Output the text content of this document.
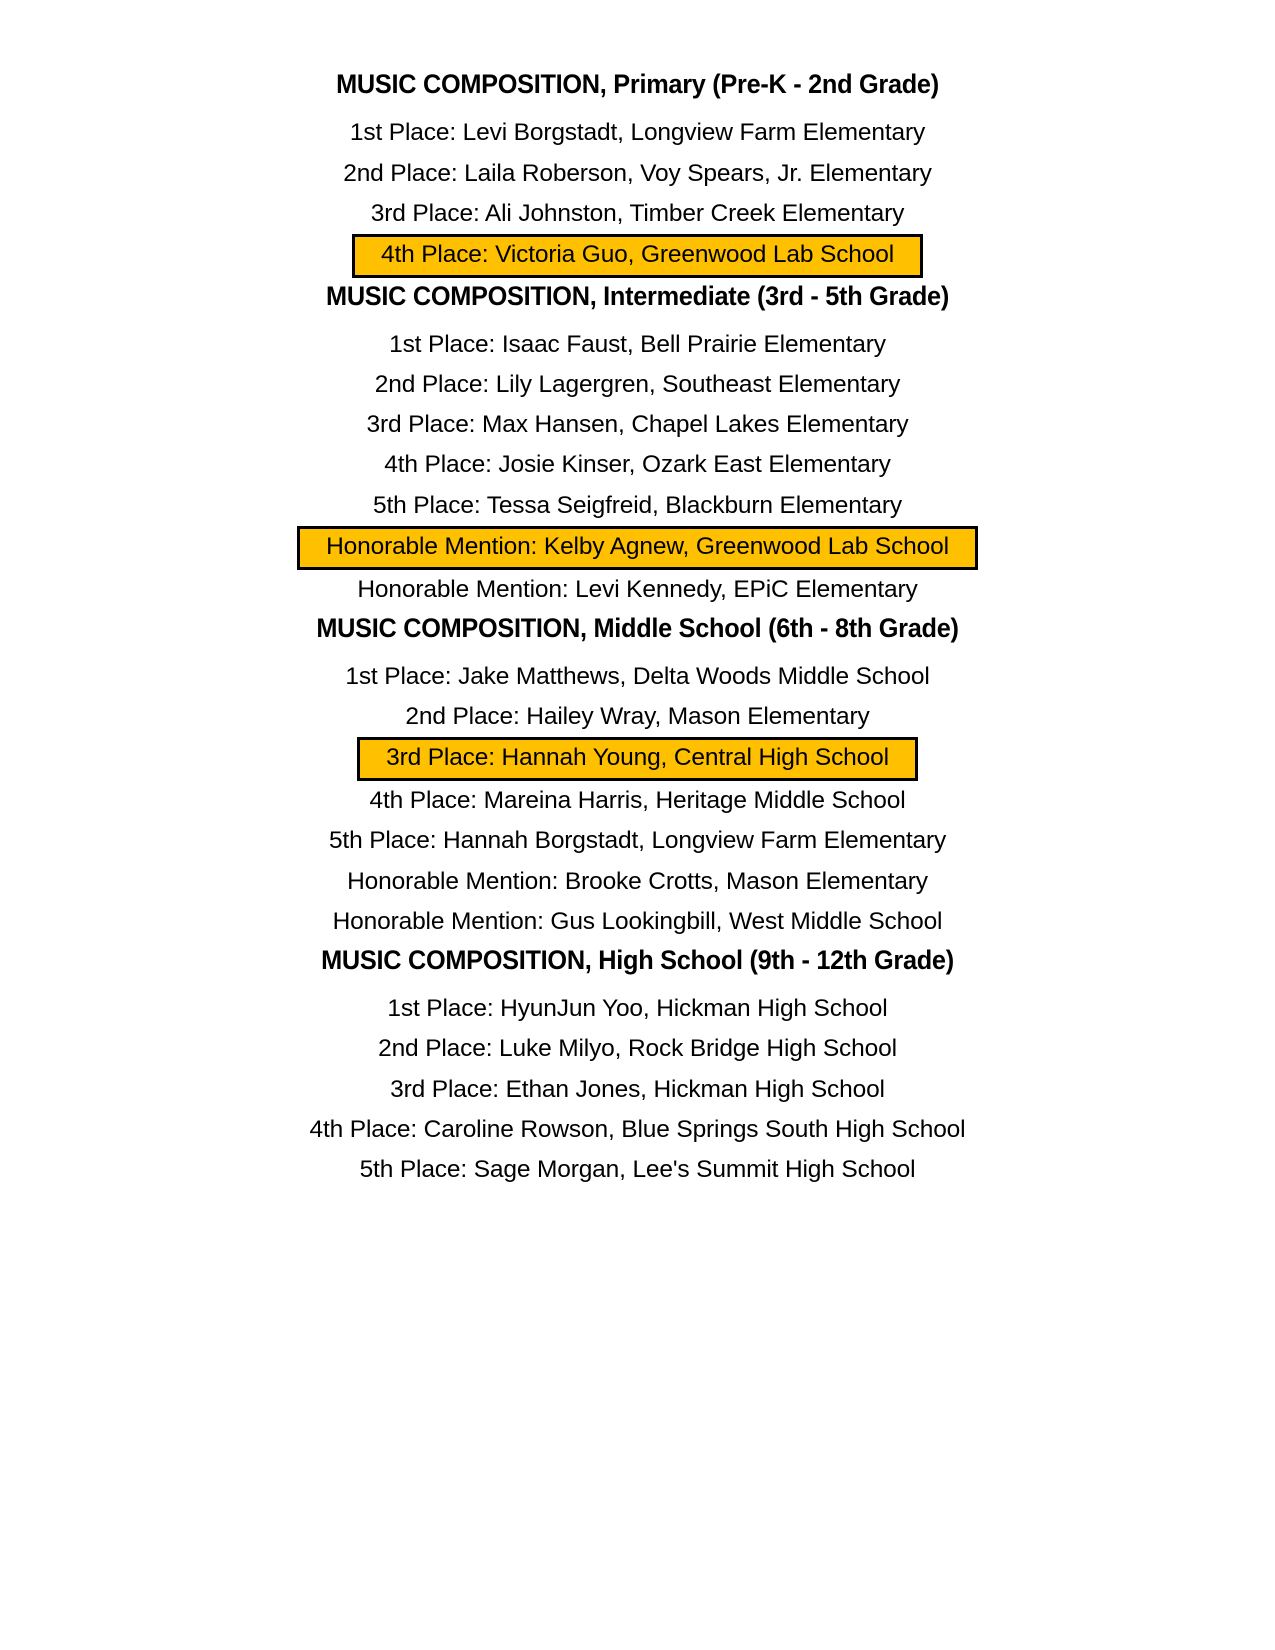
MUSIC COMPOSITION, Primary (Pre-K - 2nd Grade)
1st Place: Levi Borgstadt, Longview Farm Elementary
2nd Place: Laila Roberson, Voy Spears, Jr. Elementary
3rd Place: Ali Johnston, Timber Creek Elementary
4th Place: Victoria Guo, Greenwood Lab School
MUSIC COMPOSITION, Intermediate (3rd - 5th Grade)
1st Place: Isaac Faust, Bell Prairie Elementary
2nd Place: Lily Lagergren, Southeast Elementary
3rd Place: Max Hansen, Chapel Lakes Elementary
4th Place: Josie Kinser, Ozark East Elementary
5th Place: Tessa Seigfreid, Blackburn Elementary
Honorable Mention: Kelby Agnew, Greenwood Lab School
Honorable Mention: Levi Kennedy, EPiC Elementary
MUSIC COMPOSITION, Middle School (6th - 8th Grade)
1st Place: Jake Matthews, Delta Woods Middle School
2nd Place: Hailey Wray, Mason Elementary
3rd Place: Hannah Young, Central High School
4th Place: Mareina Harris, Heritage Middle School
5th Place: Hannah Borgstadt, Longview Farm Elementary
Honorable Mention: Brooke Crotts, Mason Elementary
Honorable Mention: Gus Lookingbill, West Middle School
MUSIC COMPOSITION, High School (9th - 12th Grade)
1st Place: HyunJun Yoo, Hickman High School
2nd Place: Luke Milyo, Rock Bridge High School
3rd Place: Ethan Jones, Hickman High School
4th Place: Caroline Rowson, Blue Springs South High School
5th Place: Sage Morgan, Lee's Summit High School
